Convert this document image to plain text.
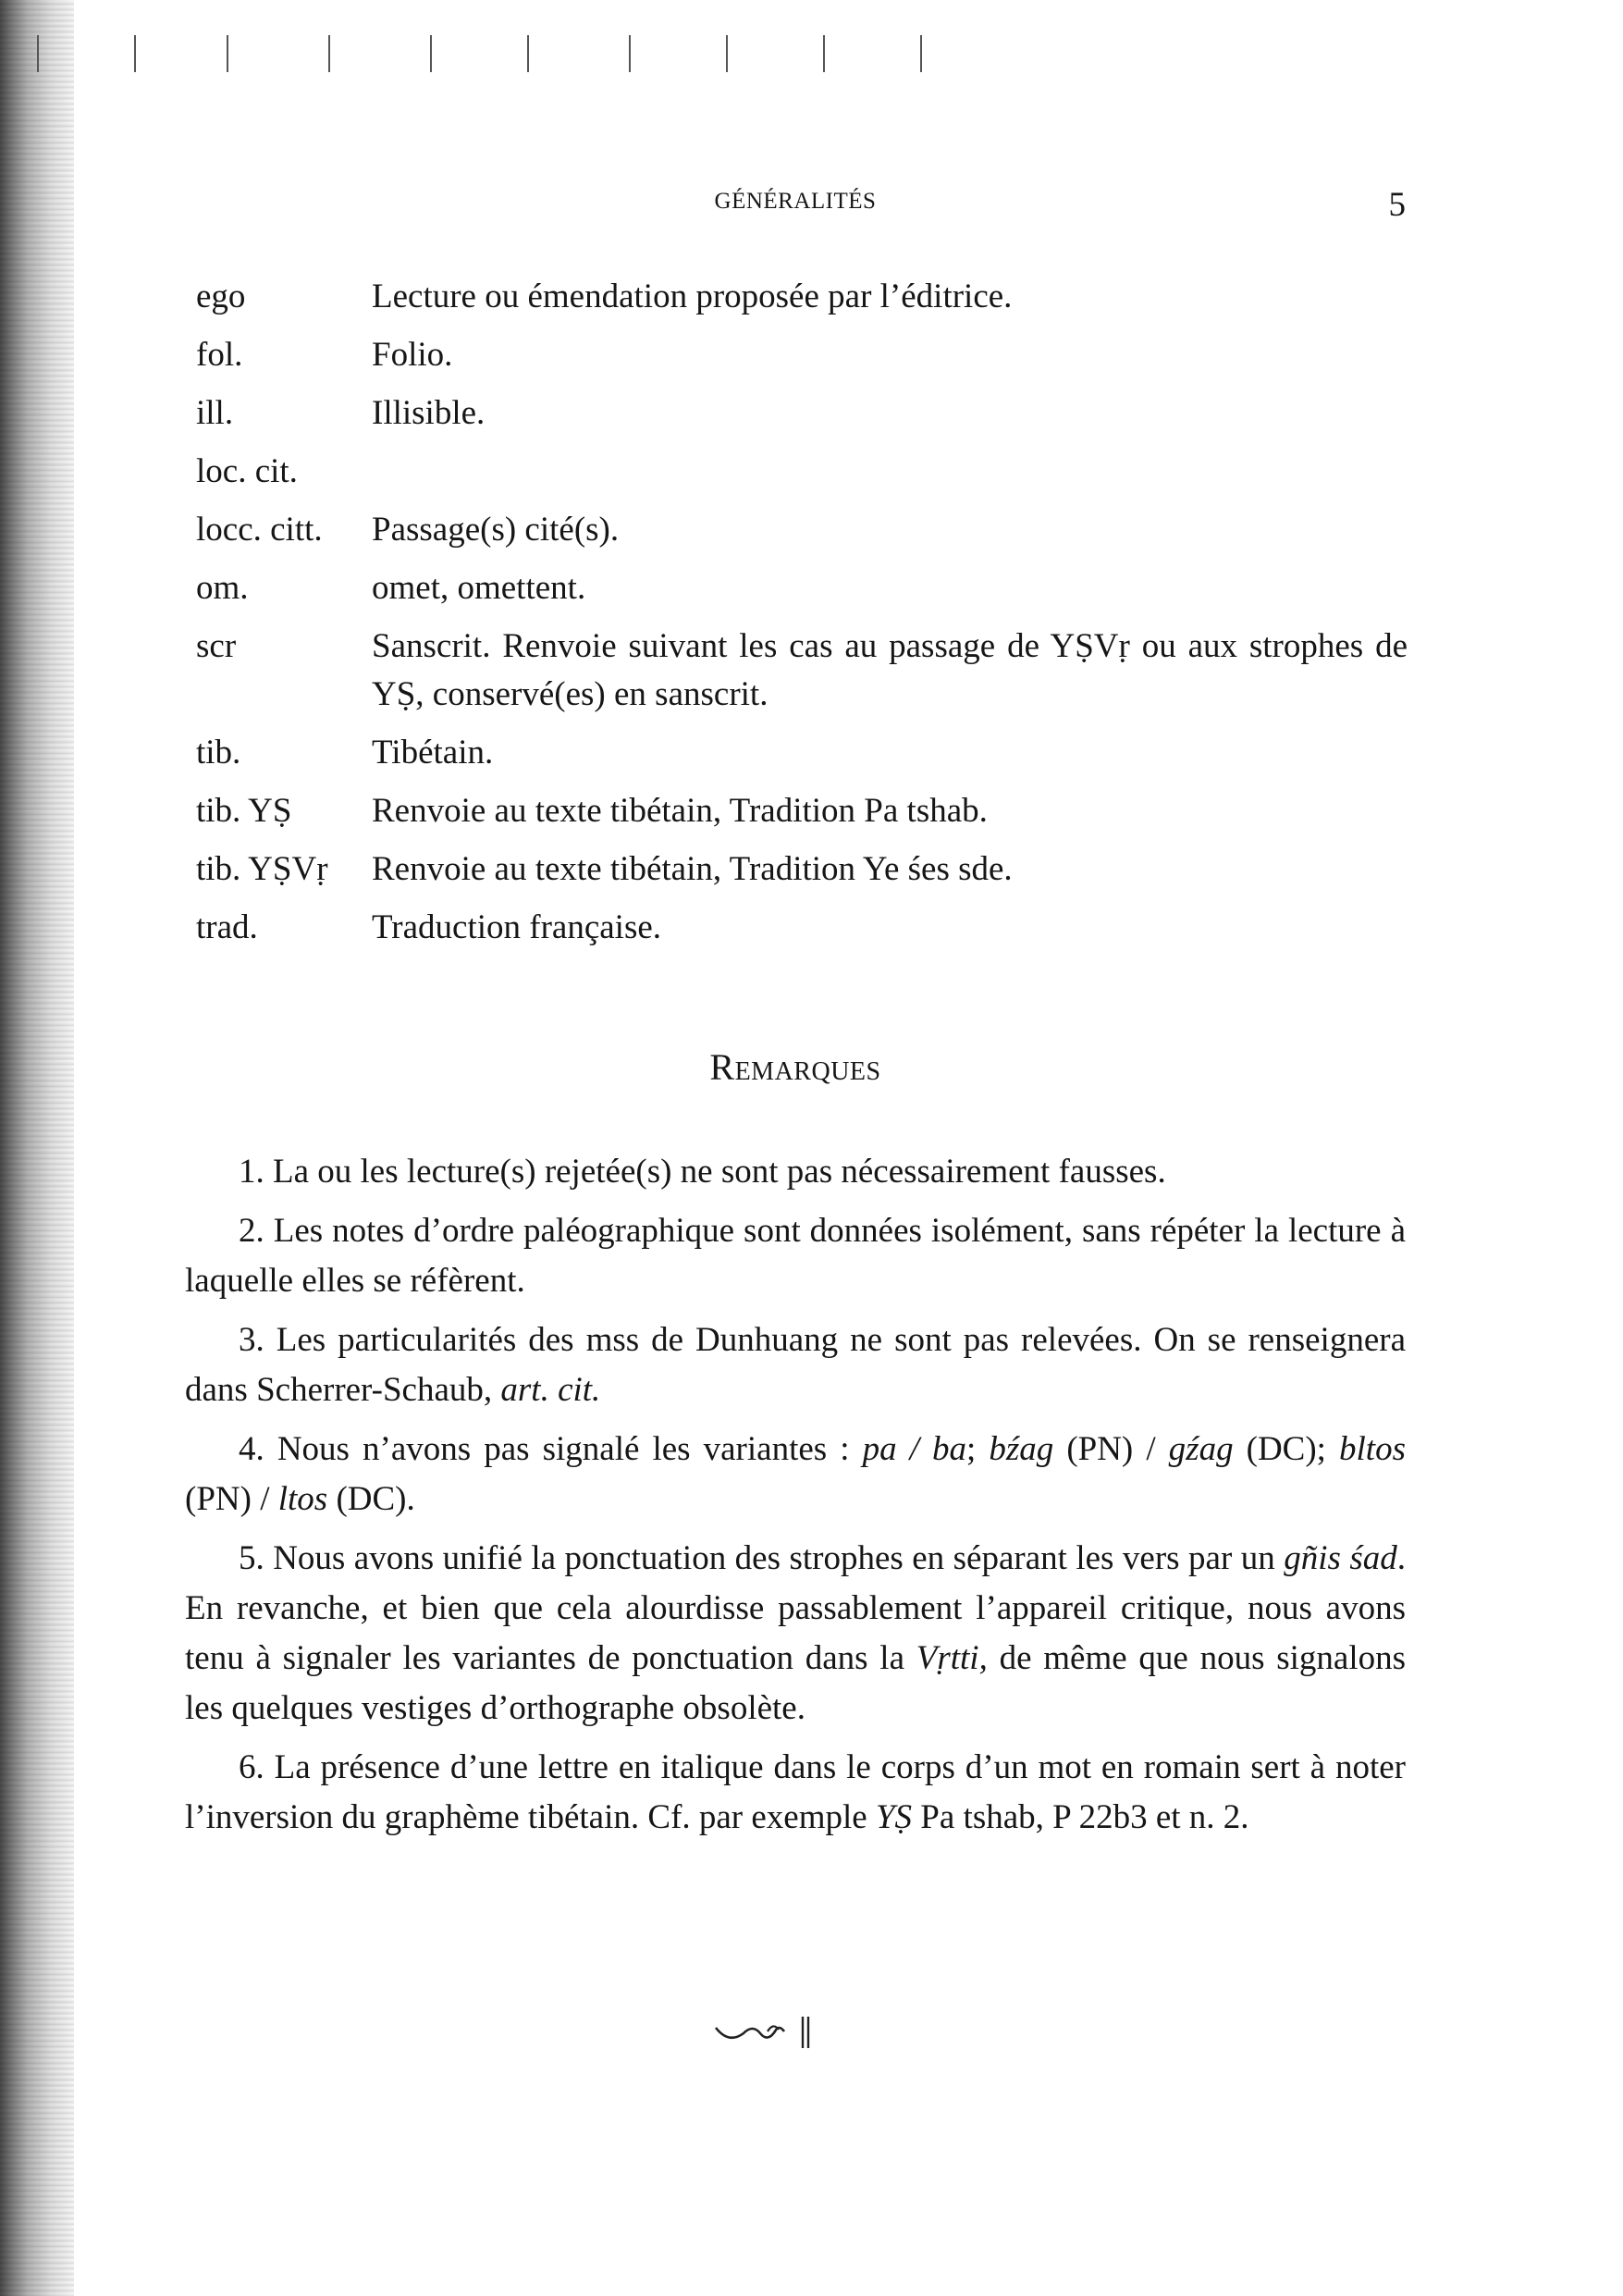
GÉNÉRALITÉS	5
ego	Lecture ou émendation proposée par l’éditrice.
fol.	Folio.
ill.	Illisible.
loc. cit.
locc. citt.	Passage(s) cité(s).
om.	omet, omettent.
scr	Sanscrit. Renvoie suivant les cas au passage de YṢVṛ ou aux strophes de YṢ, conservé(es) en sanscrit.
tib.	Tibétain.
tib. YṢ	Renvoie au texte tibétain, Tradition Pa tshab.
tib. YṢVṛ	Renvoie au texte tibétain, Tradition Ye śes sde.
trad.	Traduction française.
Remarques

1. La ou les lecture(s) rejetée(s) ne sont pas nécessairement fausses.

2. Les notes d’ordre paléographique sont données isolément, sans répéter la lecture à laquelle elles se réfèrent.

3. Les particularités des mss de Dunhuang ne sont pas relevées. On se renseignera dans Scherrer-Schaub, art. cit.

4. Nous n’avons pas signalé les variantes : pa / ba; bźag (PN) / gźag (DC); bltos (PN) / ltos (DC).

5. Nous avons unifié la ponctuation des strophes en séparant les vers par un gñis śad. En revanche, et bien que cela alourdisse passablement l’appareil critique, nous avons tenu à signaler les variantes de ponctuation dans la Vṛtti, de même que nous signalons les quelques vestiges d’orthographe obsolète.

6. La présence d’une lettre en italique dans le corps d’un mot en romain sert à noter l’inversion du graphème tibétain. Cf. par exemple YṢ Pa tshab, P 22b3 et n. 2.
